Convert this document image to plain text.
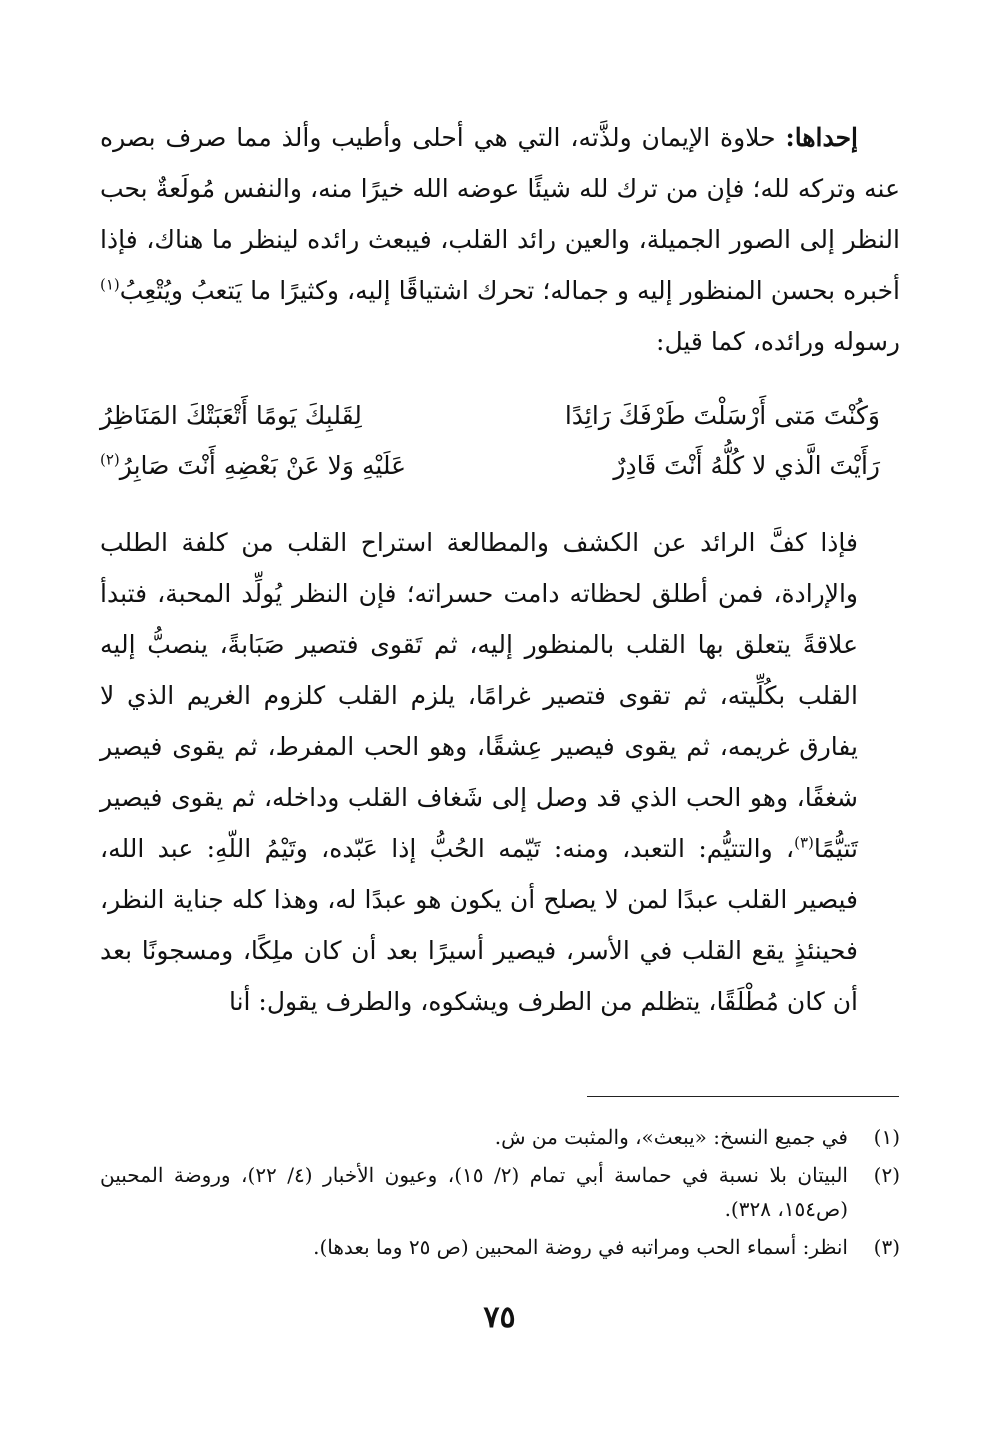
إحداها: حلاوة الإيمان ولذَّته، التي هي أحلى وأطيب وألذ مما صرف بصره عنه وتركه لله؛ فإن من ترك لله شيئًا عوضه الله خيرًا منه، والنفس مُولَعةٌ بحب النظر إلى الصور الجميلة، والعين رائد القلب، فيبعث رائده لينظر ما هناك، فإذا أخبره بحسن المنظور إليه و جماله؛ تحرك اشتياقًا إليه، وكثيرًا ما يَتعبُ ويُتْعِبُ$^{(١)}$ رسوله ورائده، كما قيل:

وَكُنْتَ مَتى أَرْسَلْتَ طَرْفَكَ رَائِدًا
لِقَلبِكَ يَومًا أَتْعَبَتْكَ المَنَاظِرُ
رَأَيْتَ الَّذي لا كُلُّهُ أَنْتَ قَادِرٌ
عَلَيْهِ وَلا عَنْ بَعْضِهِ أَنْتَ صَابِرُ$^{(٢)}$

فإذا كفَّ الرائد عن الكشف والمطالعة استراح القلب من كلفة الطلب والإرادة، فمن أطلق لحظاته دامت حسراته؛ فإن النظر يُولِّد المحبة، فتبدأ علاقةً يتعلق بها القلب بالمنظور إليه، ثم تَقوى فتصير صَبَابةً، ينصبُّ إليه القلب بكُلِّيته، ثم تقوى فتصير غرامًا، يلزم القلب كلزوم الغريم الذي لا يفارق غريمه، ثم يقوى فيصير عِشقًا، وهو الحب المفرط، ثم يقوى فيصير شغفًا، وهو الحب الذي قد وصل إلى شَغاف القلب وداخله، ثم يقوى فيصير تَتيُّمًا$^{(٣)}$، والتتيُّم: التعبد، ومنه: تَيّمه الحُبُّ إذا عَبّده، وتَيْمُ اللّهِ: عبد الله، فيصير القلب عبدًا لمن لا يصلح أن يكون هو عبدًا له، وهذا كله جناية النظر، فحينئذٍ يقع القلب في الأسر، فيصير أسيرًا بعد أن كان ملِكًا، ومسجونًا بعد أن كان مُطْلَقًا، يتظلم من الطرف ويشكوه، والطرف يقول: أنا

(١)
في جميع النسخ: «يبعث»، والمثبت من ش.
(٢)
البيتان بلا نسبة في حماسة أبي تمام (٢/ ١٥)، وعيون الأخبار (٤/ ٢٢)، وروضة المحبين (ص١٥٤، ٣٢٨).
(٣)
انظر: أسماء الحب ومراتبه في روضة المحبين (ص ٢٥ وما بعدها).
٧٥
